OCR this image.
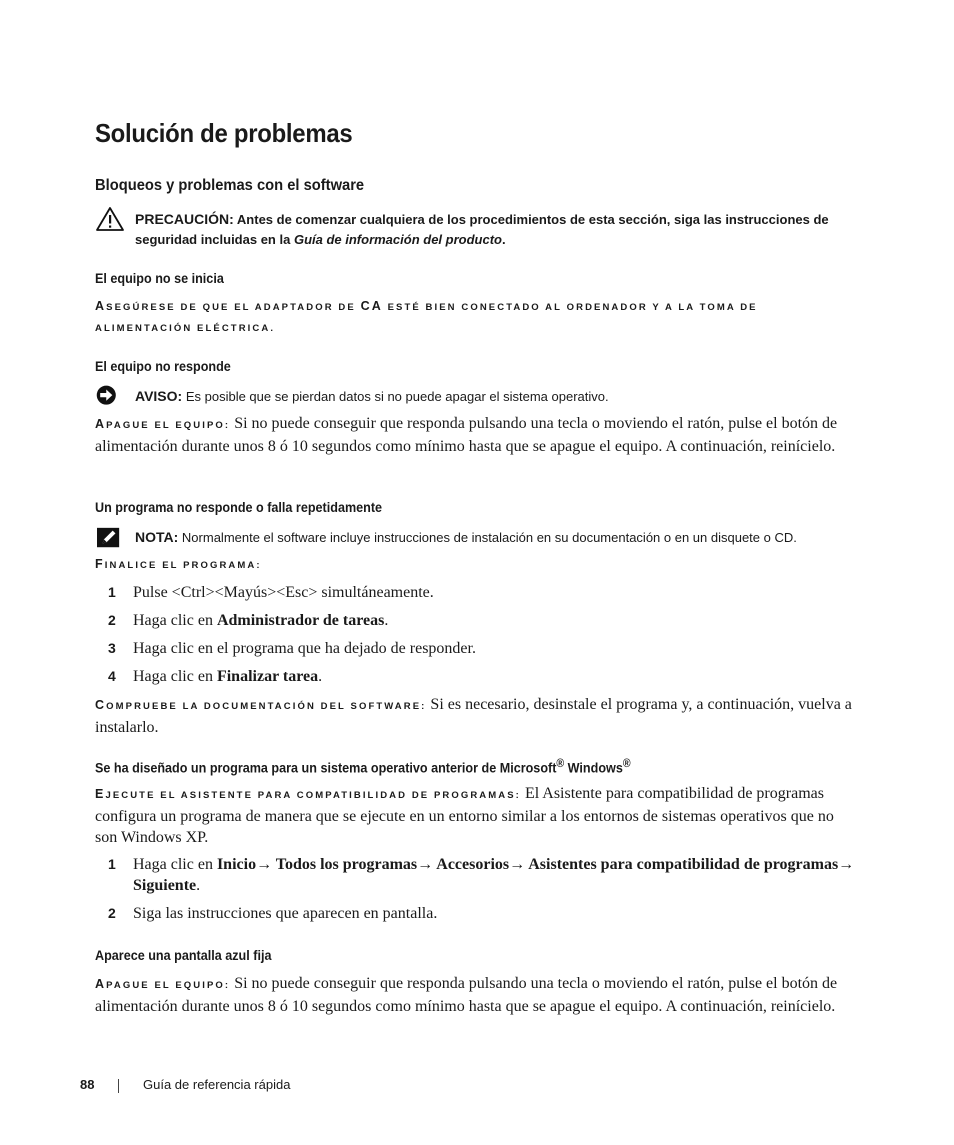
Solución de problemas
Bloqueos y problemas con el software
PRECAUCIÓN: Antes de comenzar cualquiera de los procedimientos de esta sección, siga las instrucciones de seguridad incluidas en la Guía de información del producto.
El equipo no se inicia
ASEGÚRESE DE QUE EL ADAPTADOR DE CA ESTÉ BIEN CONECTADO AL ORDENADOR Y A LA TOMA DE ALIMENTACIÓN ELÉCTRICA.
El equipo no responde
AVISO: Es posible que se pierdan datos si no puede apagar el sistema operativo.
APAGUE EL EQUIPO: Si no puede conseguir que responda pulsando una tecla o moviendo el ratón, pulse el botón de alimentación durante unos 8 ó 10 segundos como mínimo hasta que se apague el equipo. A continuación, reinícielo.
Un programa no responde o falla repetidamente
NOTA: Normalmente el software incluye instrucciones de instalación en su documentación o en un disquete o CD.
FINALICE EL PROGRAMA:
1 Pulse <Ctrl><Mayús><Esc> simultáneamente.
2 Haga clic en Administrador de tareas.
3 Haga clic en el programa que ha dejado de responder.
4 Haga clic en Finalizar tarea.
COMPRUEBE LA DOCUMENTACIÓN DEL SOFTWARE: Si es necesario, desinstale el programa y, a continuación, vuelva a instalarlo.
Se ha diseñado un programa para un sistema operativo anterior de Microsoft® Windows®
EJECUTE EL ASISTENTE PARA COMPATIBILIDAD DE PROGRAMAS: El Asistente para compatibilidad de programas configura un programa de manera que se ejecute en un entorno similar a los entornos de sistemas operativos que no son Windows XP.
1 Haga clic en Inicio→ Todos los programas→ Accesorios→ Asistentes para compatibilidad de programas→ Siguiente.
2 Siga las instrucciones que aparecen en pantalla.
Aparece una pantalla azul fija
APAGUE EL EQUIPO: Si no puede conseguir que responda pulsando una tecla o moviendo el ratón, pulse el botón de alimentación durante unos 8 ó 10 segundos como mínimo hasta que se apague el equipo. A continuación, reinícielo.
88	Guía de referencia rápida
